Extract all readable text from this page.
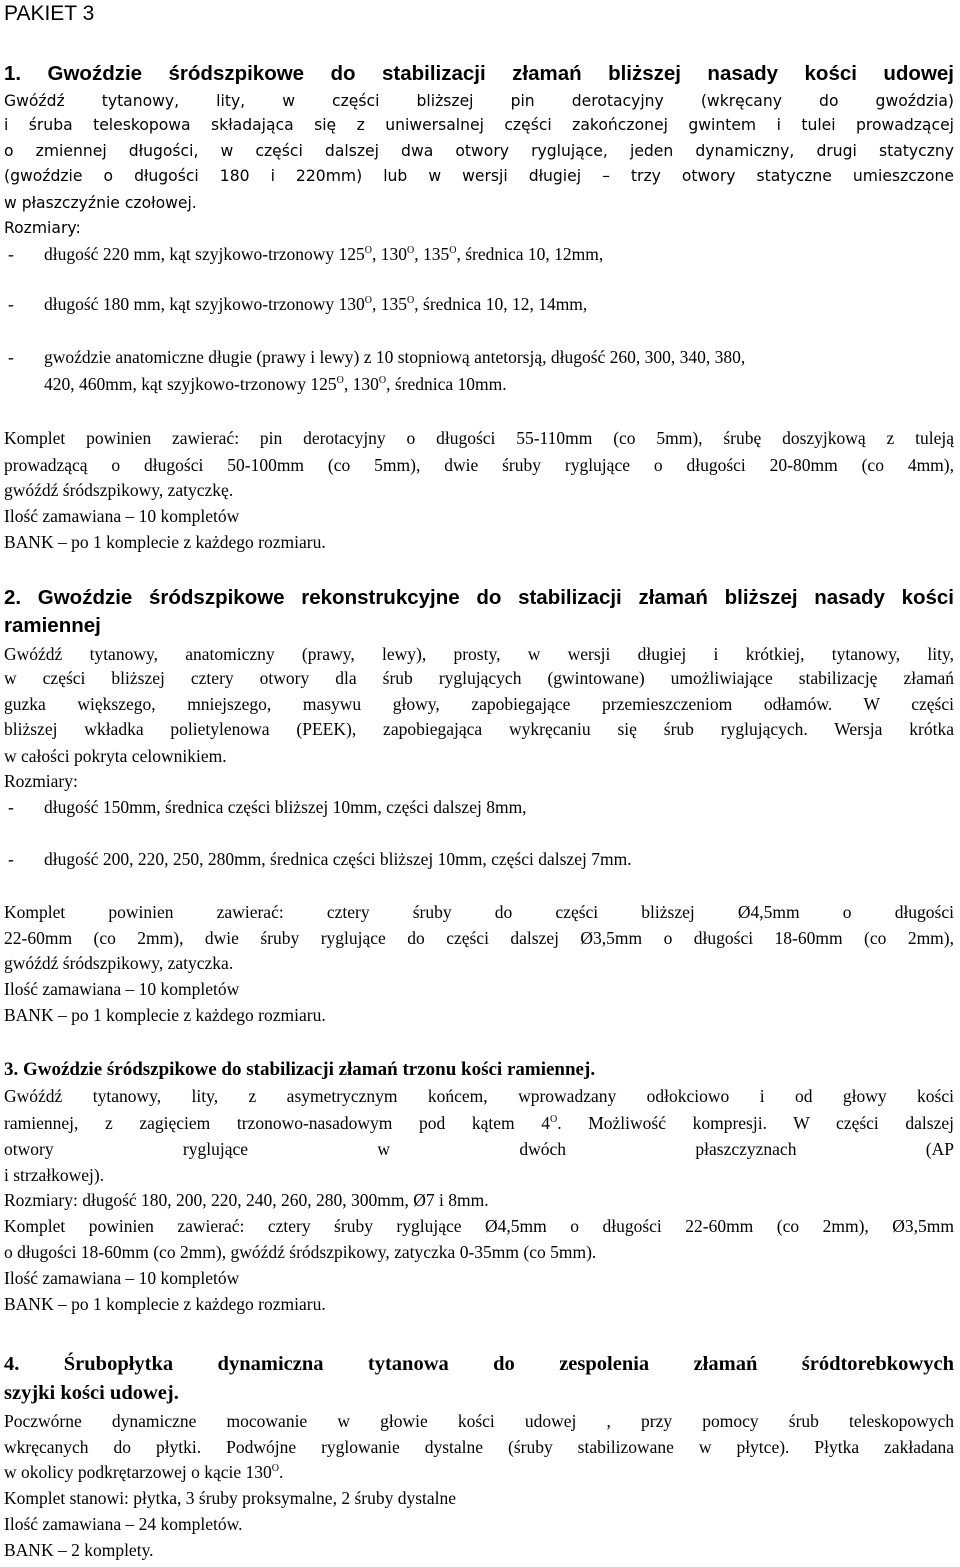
PAKIET 3
1. Gwoździe śródszpikowe do stabilizacji złamań bliższej nasady kości udowej
Gwóźdź tytanowy, lity, w części bliższej pin derotacyjny (wkręcany do gwoździa)
i śruba teleskopowa składająca się z uniwersalnej części zakończonej gwintem i tulei prowadzącej
o zmiennej długości, w części dalszej dwa otwory ryglujące, jeden dynamiczny, drugi statyczny
(gwoździe o długości 180 i 220mm) lub w wersji długiej – trzy otwory statyczne umieszczone
w płaszczyźnie czołowej.
Rozmiary:
- długość 220 mm, kąt szyjkowo-trzonowy $125^O$, $130^O$, $135^O$, średnica 10, 12mm,
- długość 180 mm, kąt szyjkowo-trzonowy $130^O$, $135^O$, średnica 10, 12, 14mm,
- gwoździe anatomiczne długie (prawy i lewy) z 10 stopniową antetorsją, długość 260, 300, 340, 380,
420, 460mm, kąt szyjkowo-trzonowy $125^O$, $130^O$, średnica 10mm.
Komplet powinien zawierać: pin derotacyjny o długości 55-110mm (co 5mm), śrubę doszyjkową z tuleją
prowadzącą o długości 50-100mm (co 5mm), dwie śruby ryglujące o długości 20-80mm (co 4mm),
gwóźdź śródszpikowy, zatyczkę.
Ilość zamawiana – 10 kompletów
BANK – po 1 komplecie z każdego rozmiaru.
2. Gwoździe śródszpikowe rekonstrukcyjne do stabilizacji złamań bliższej nasady kości
ramiennej
Gwóźdź tytanowy, anatomiczny (prawy, lewy), prosty, w wersji długiej i krótkiej, tytanowy, lity,
w części bliższej cztery otwory dla śrub ryglujących (gwintowane) umożliwiające stabilizację złamań
guzka większego, mniejszego, masywu głowy, zapobiegające przemieszczeniom odłamów. W części
bliższej wkładka polietylenowa (PEEK), zapobiegająca wykręcaniu się śrub ryglujących. Wersja krótka
w całości pokryta celownikiem.
Rozmiary:
- długość 150mm, średnica części bliższej 10mm, części dalszej 8mm,
- długość 200, 220, 250, 280mm, średnica części bliższej 10mm, części dalszej 7mm.
Komplet powinien zawierać: cztery śruby do części bliższej Ø4,5mm o długości
22-60mm (co 2mm), dwie śruby ryglujące do części dalszej Ø3,5mm o długości 18-60mm (co 2mm),
gwóźdź śródszpikowy, zatyczka.
Ilość zamawiana – 10 kompletów
BANK – po 1 komplecie z każdego rozmiaru.
3. Gwoździe śródszpikowe do stabilizacji złamań trzonu kości ramiennej.
Gwóźdź tytanowy, lity, z asymetrycznym końcem, wprowadzany odłokciowo i od głowy kości
ramiennej, z zagięciem trzonowo-nasadowym pod kątem $4^O$. Możliwość kompresji. W części dalszej
otwory ryglujące w dwóch płaszczyznach (AP
i strzałkowej).
Rozmiary: długość 180, 200, 220, 240, 260, 280, 300mm, Ø7 i 8mm.
Komplet powinien zawierać: cztery śruby ryglujące Ø4,5mm o długości 22-60mm (co 2mm), Ø3,5mm
o długości 18-60mm (co 2mm), gwóźdź śródszpikowy, zatyczka 0-35mm (co 5mm).
Ilość zamawiana – 10 kompletów
BANK – po 1 komplecie z każdego rozmiaru.
4. Śrubopłytka dynamiczna tytanowa do zespolenia złamań śródtorebkowych
szyjki kości udowej.
Poczwórne dynamiczne mocowanie w głowie kości udowej , przy pomocy śrub teleskopowych
wkręcanych do płytki. Podwójne ryglowanie dystalne (śruby stabilizowane w płytce). Płytka zakładana
w okolicy podkrętarzowej o kącie $130^O$.
Komplet stanowi: płytka, 3 śruby proksymalne, 2 śruby dystalne
Ilość zamawiana – 24 kompletów.
BANK – 2 komplety.
